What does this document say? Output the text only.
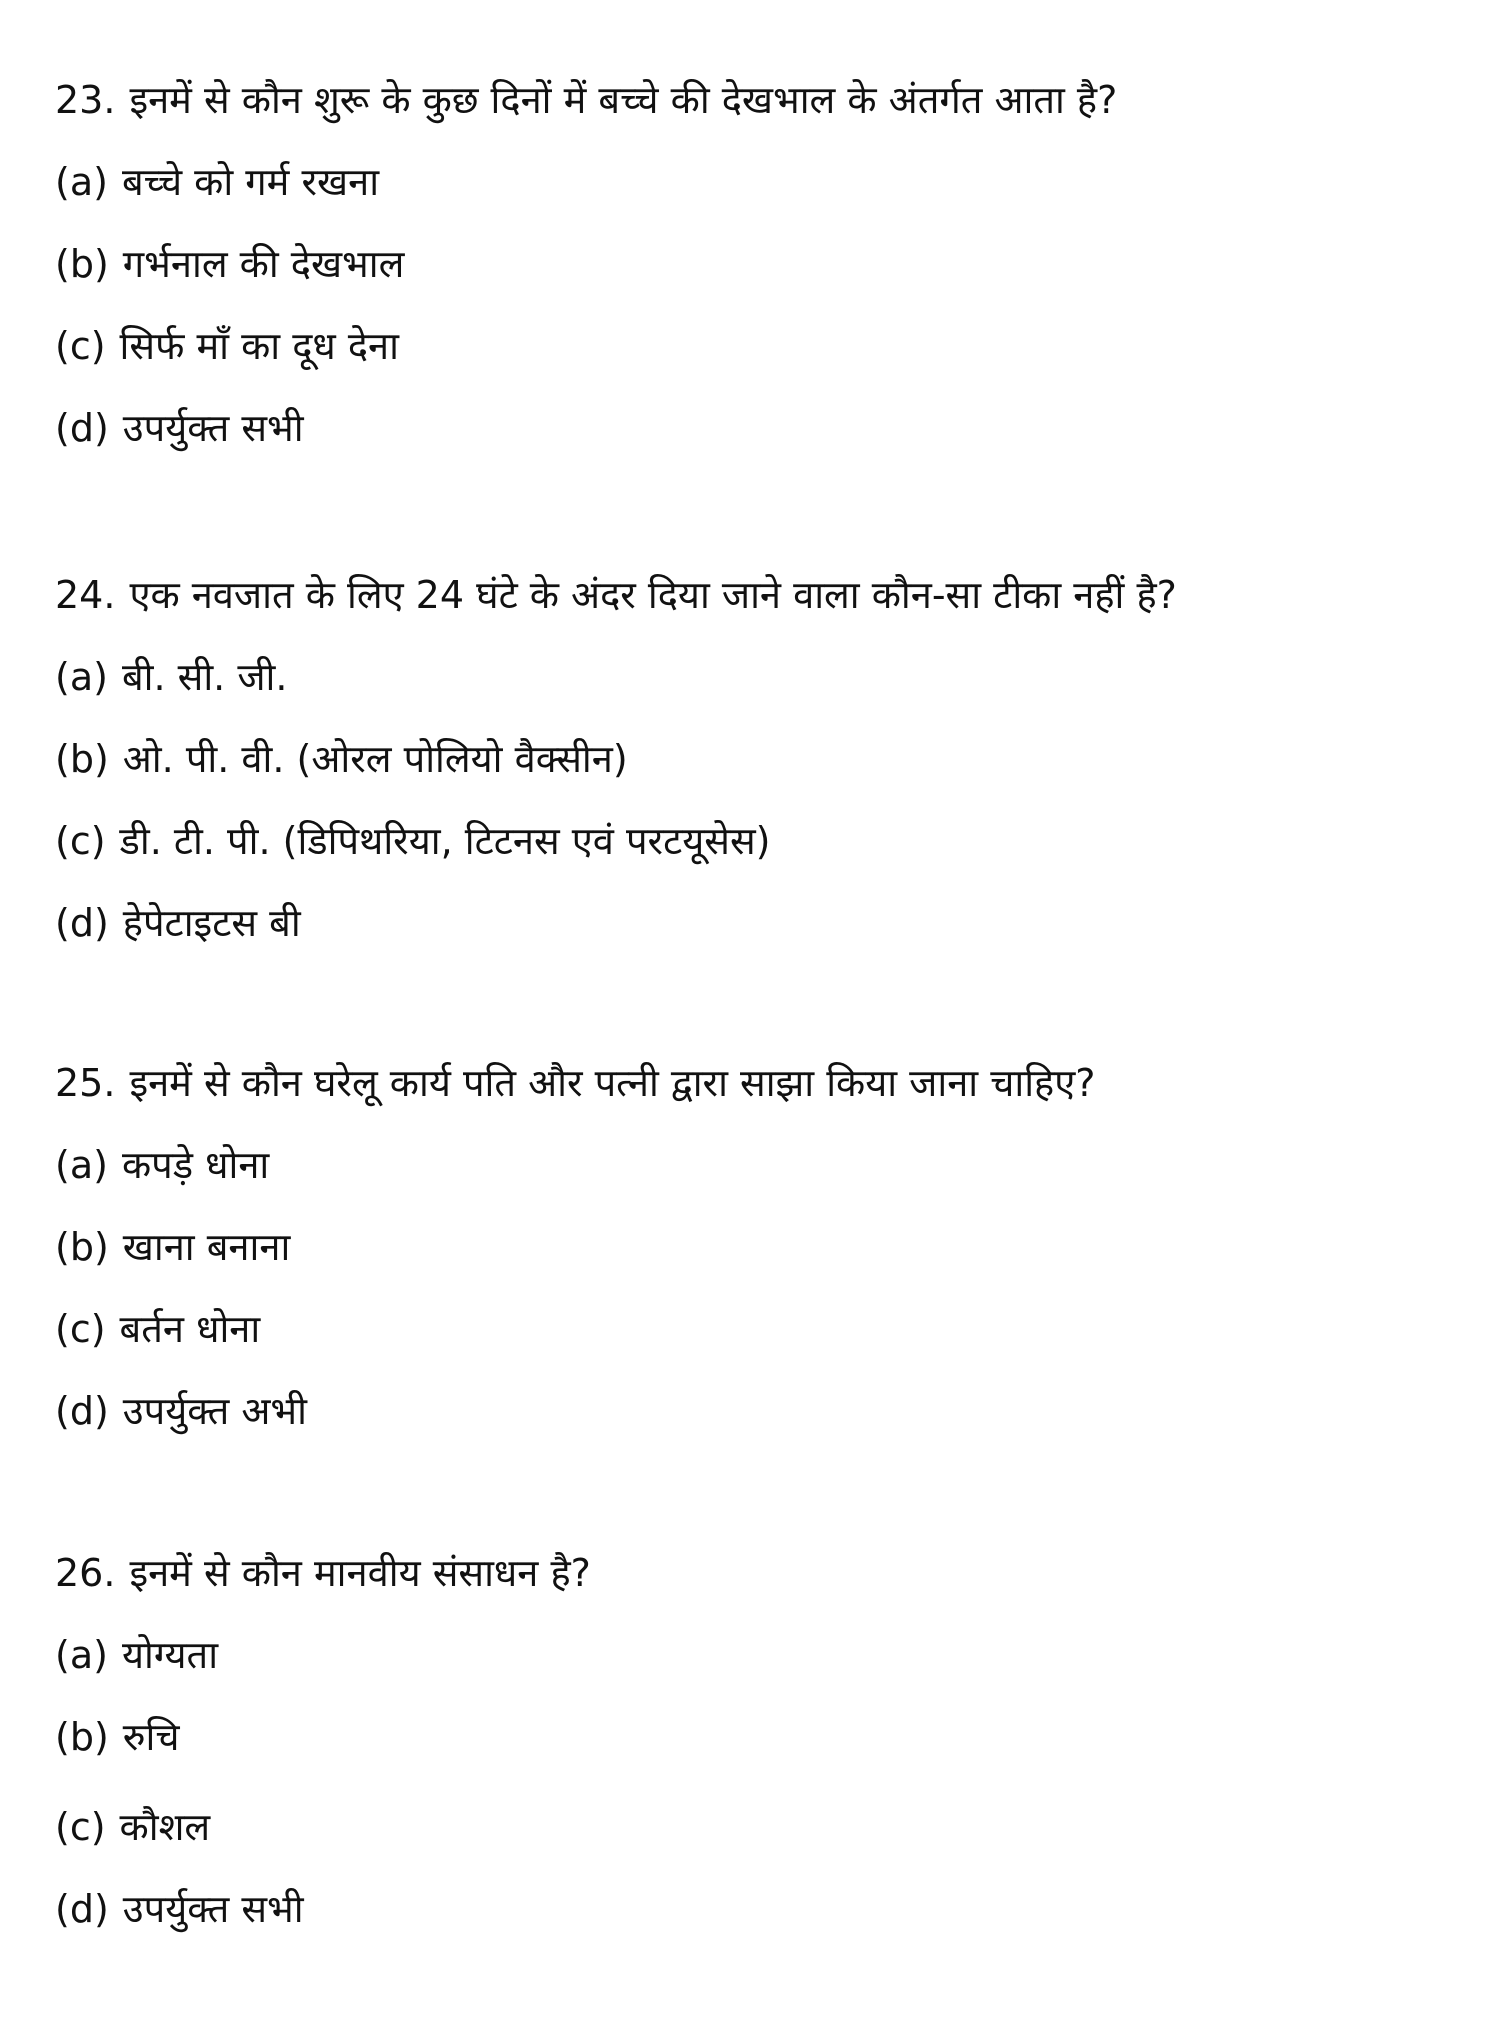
23. इनमें से कौन शुरू के कुछ दिनों में बच्चे की देखभाल के अंतर्गत आता है?
(a) बच्चे को गर्म रखना
(b) गर्भनाल की देखभाल
(c) सिर्फ माँ का दूध देना
(d) उपर्युक्त सभी
24. एक नवजात के लिए 24 घंटे के अंदर दिया जाने वाला कौन-सा टीका नहीं है?
(a) बी. सी. जी.
(b) ओ. पी. वी. (ओरल पोलियो वैक्सीन)
(c) डी. टी. पी. (डिपिथरिया, टिटनस एवं परटयूसेस)
(d) हेपेटाइटस बी
25. इनमें से कौन घरेलू कार्य पति और पत्नी द्वारा साझा किया जाना चाहिए?
(a) कपड़े धोना
(b) खाना बनाना
(c) बर्तन धोना
(d) उपर्युक्त अभी
26. इनमें से कौन मानवीय संसाधन है?
(a) योग्यता
(b) रुचि
(c) कौशल
(d) उपर्युक्त सभी
